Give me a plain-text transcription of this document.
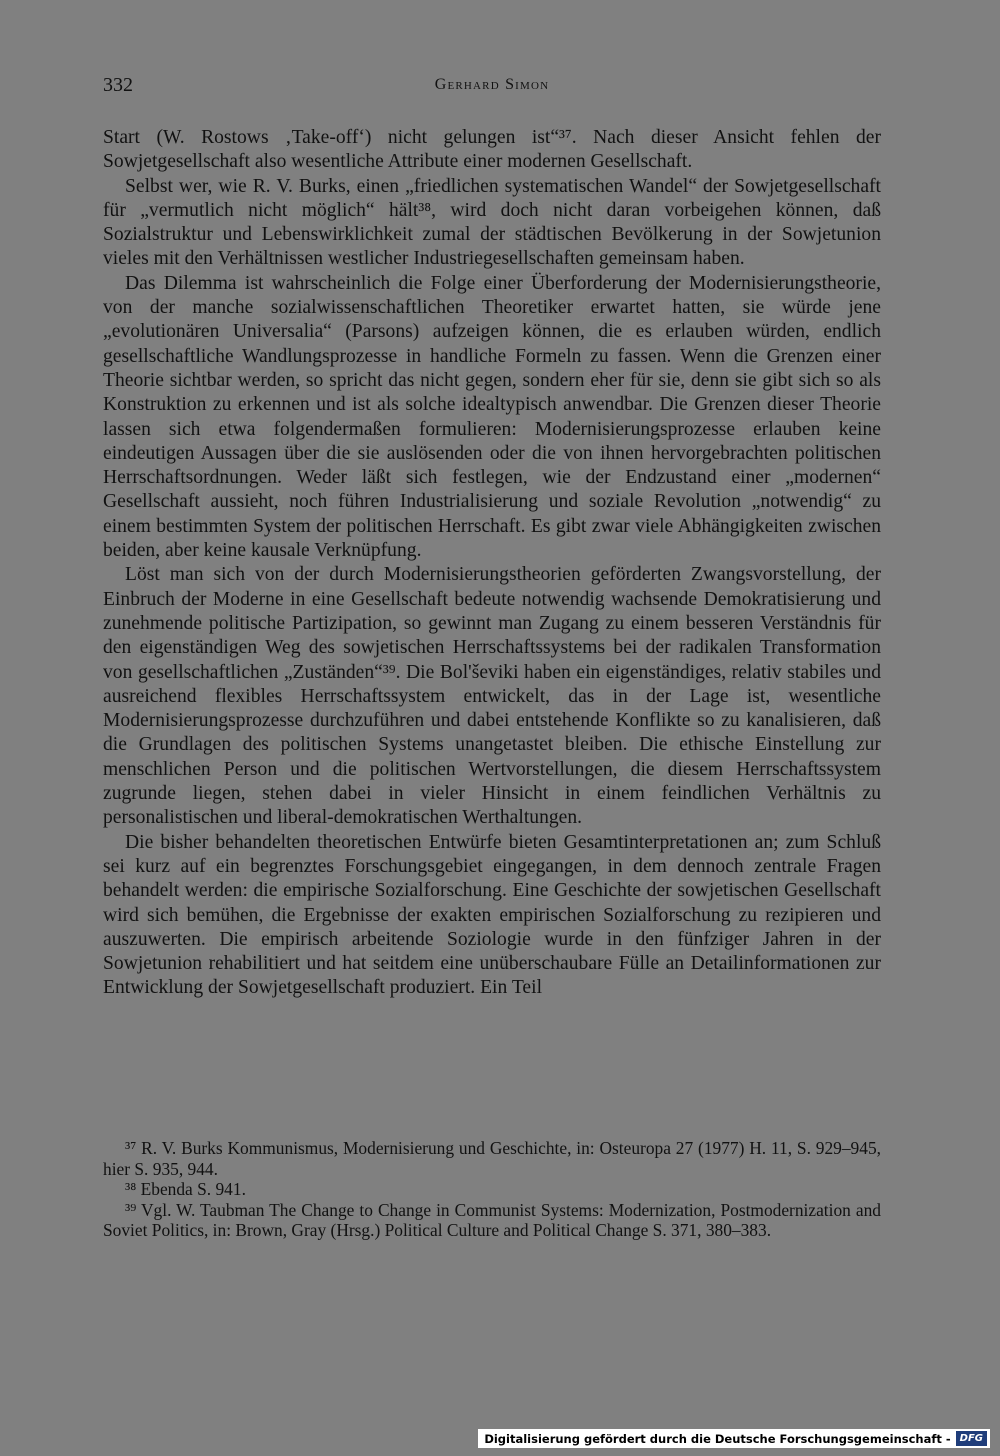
332	Gerhard Simon

Start (W. Rostows ‚Take-off‘) nicht gelungen ist“³⁷. Nach dieser Ansicht fehlen der Sowjetgesellschaft also wesentliche Attribute einer modernen Gesellschaft.

Selbst wer, wie R. V. Burks, einen „friedlichen systematischen Wandel“ der Sowjetgesellschaft für „vermutlich nicht möglich“ hält³⁸, wird doch nicht daran vorbeigehen können, daß Sozialstruktur und Lebenswirklichkeit zumal der städtischen Bevölkerung in der Sowjetunion vieles mit den Verhältnissen westlicher Industriegesellschaften gemeinsam haben.

Das Dilemma ist wahrscheinlich die Folge einer Überforderung der Modernisierungstheorie, von der manche sozialwissenschaftlichen Theoretiker erwartet hatten, sie würde jene „evolutionären Universalia“ (Parsons) aufzeigen können, die es erlauben würden, endlich gesellschaftliche Wandlungsprozesse in handliche Formeln zu fassen. Wenn die Grenzen einer Theorie sichtbar werden, so spricht das nicht gegen, sondern eher für sie, denn sie gibt sich so als Konstruktion zu erkennen und ist als solche idealtypisch anwendbar. Die Grenzen dieser Theorie lassen sich etwa folgendermaßen formulieren: Modernisierungsprozesse erlauben keine eindeutigen Aussagen über die sie auslösenden oder die von ihnen hervorgebrachten politischen Herrschaftsordnungen. Weder läßt sich festlegen, wie der Endzustand einer „modernen“ Gesellschaft aussieht, noch führen Industrialisierung und soziale Revolution „notwendig“ zu einem bestimmten System der politischen Herrschaft. Es gibt zwar viele Abhängigkeiten zwischen beiden, aber keine kausale Verknüpfung.

Löst man sich von der durch Modernisierungstheorien geförderten Zwangsvorstellung, der Einbruch der Moderne in eine Gesellschaft bedeute notwendig wachsende Demokratisierung und zunehmende politische Partizipation, so gewinnt man Zugang zu einem besseren Verständnis für den eigenständigen Weg des sowjetischen Herrschaftssystems bei der radikalen Transformation von gesellschaftlichen „Zuständen“³⁹. Die Bol'ševiki haben ein eigenständiges, relativ stabiles und ausreichend flexibles Herrschaftssystem entwickelt, das in der Lage ist, wesentliche Modernisierungsprozesse durchzuführen und dabei entstehende Konflikte so zu kanalisieren, daß die Grundlagen des politischen Systems unangetastet bleiben. Die ethische Einstellung zur menschlichen Person und die politischen Wertvorstellungen, die diesem Herrschaftssystem zugrunde liegen, stehen dabei in vieler Hinsicht in einem feindlichen Verhältnis zu personalistischen und liberal-demokratischen Werthaltungen.

Die bisher behandelten theoretischen Entwürfe bieten Gesamtinterpretationen an; zum Schluß sei kurz auf ein begrenztes Forschungsgebiet eingegangen, in dem dennoch zentrale Fragen behandelt werden: die empirische Sozialforschung. Eine Geschichte der sowjetischen Gesellschaft wird sich bemühen, die Ergebnisse der exakten empirischen Sozialforschung zu rezipieren und auszuwerten. Die empirisch arbeitende Soziologie wurde in den fünfziger Jahren in der Sowjetunion rehabilitiert und hat seitdem eine unüberschaubare Fülle an Detailinformationen zur Entwicklung der Sowjetgesellschaft produziert. Ein Teil

³⁷ R. V. Burks Kommunismus, Modernisierung und Geschichte, in: Osteuropa 27 (1977) H. 11, S. 929–945, hier S. 935, 944.

³⁸ Ebenda S. 941.

³⁹ Vgl. W. Taubman The Change to Change in Communist Systems: Modernization, Postmodernization and Soviet Politics, in: Brown, Gray (Hrsg.) Political Culture and Political Change S. 371, 380–383.

Digitalisierung gefördert durch die Deutsche Forschungsgemeinschaft - DFG
